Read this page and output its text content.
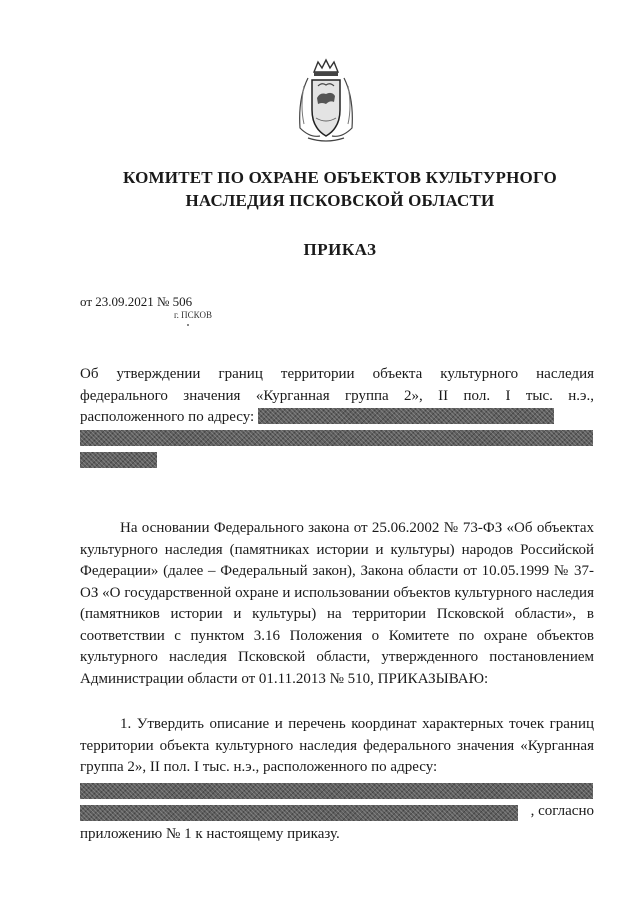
КОМИТЕТ ПО ОХРАНЕ ОБЪЕКТОВ КУЛЬТУРНОГО
НАСЛЕДИЯ ПСКОВСКОЙ ОБЛАСТИ
ПРИКАЗ
от 23.09.2021 № 506
г. ПСКОВ
Об утверждении границ территории объекта культурного наследия федерального значения «Курганная группа 2», II пол. I тыс. н.э., расположенного по адресу:
На основании Федерального закона от 25.06.2002 № 73-ФЗ «Об объектах культурного наследия (памятниках истории и культуры) народов Российской Федерации» (далее – Федеральный закон), Закона области от 10.05.1999 № 37-ОЗ «О государственной охране и использовании объектов культурного наследия (памятников истории и культуры) на территории Псковской области», в соответствии с пунктом 3.16 Положения о Комитете по охране объектов культурного наследия Псковской области, утвержденного постановлением Администрации области от 01.11.2013 № 510, ПРИКАЗЫВАЮ:
1. Утвердить описание и перечень координат характерных точек границ территории объекта культурного наследия федерального значения «Курганная группа 2», II пол. I тыс. н.э., расположенного по адресу:
, согласно
приложению № 1 к настоящему приказу.
